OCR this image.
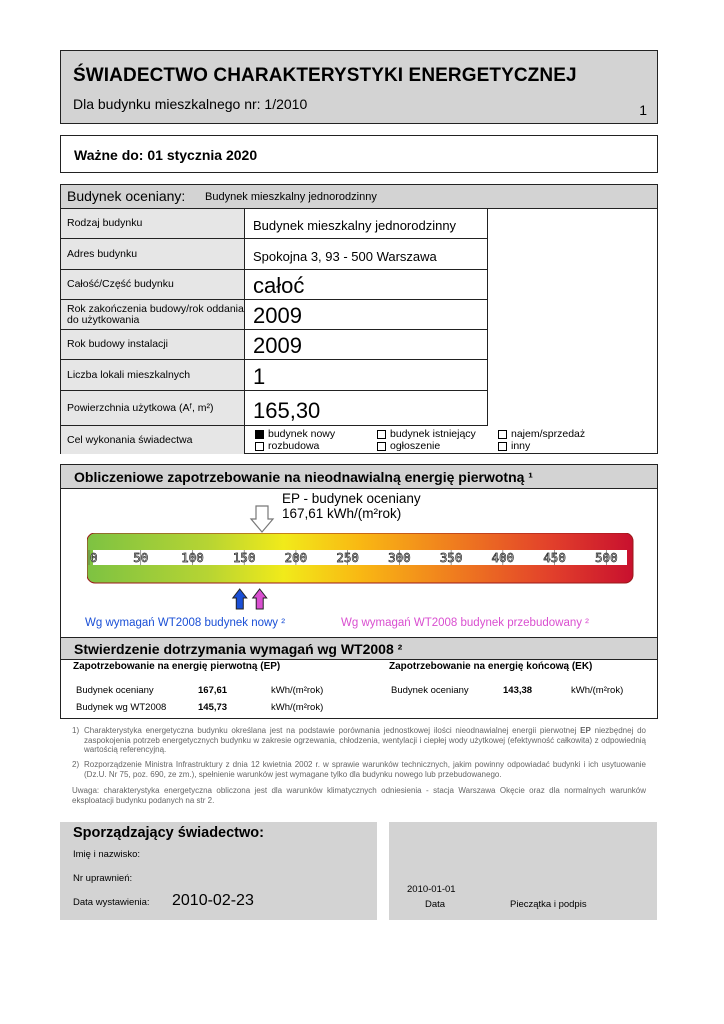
ŚWIADECTWO CHARAKTERYSTYKI ENERGETYCZNEJ
Dla budynku mieszkalnego nr: 1/2010	1
Ważne do: 01 stycznia 2020
Budynek oceniany: Budynek mieszkalny jednorodzinny
Rodzaj budynku	Budynek mieszkalny jednorodzinny
Adres budynku	Spokojna 3, 93 - 500 Warszawa
Całość/Część budynku	całoć
Rok zakończenia budowy/rok oddania do użytkowania	2009
Rok budowy instalacji	2009
Liczba lokali mieszkalnych	1
Powierzchnia użytkowa (Aᶠ, m²)	165,30
Cel wykonania świadectwa	budynek nowy	budynek istniejący	najem/sprzedaż
rozbudowa	ogłoszenie	inny
Obliczeniowe zapotrzebowanie na nieodnawialną energię pierwotną ¹
EP - budynek oceniany
167,61 kWh/(m²rok)
0	50	100 150 200 250 300 350 400 450 500
Wg wymagań WT2008 budynek nowy ²	Wg wymagań WT2008 budynek przebudowany ²
Stwierdzenie dotrzymania wymagań wg WT2008 ²
Zapotrzebowanie na energię pierwotną (EP)	Zapotrzebowanie na energię końcową (EK)
Budynek oceniany	167,61	kWh/(m²rok)
Budynek wg WT2008	145,73	kWh/(m²rok)
Budynek oceniany	143,38	kWh/(m²rok)
1) Charakterystyka energetyczna budynku określana jest na podstawie porównania jednostkowej ilości nieodnawialnej energii pierwotnej EP niezbędnej do zaspokojenia potrzeb energetycznych budynku w zakresie ogrzewania, chłodzenia, wentylacji i ciepłej wody użytkowej (efektywność całkowita) z odpowiednią wartością referencyjną.
2) Rozporządzenie Ministra Infrastruktury z dnia 12 kwietnia 2002 r. w sprawie warunków technicznych, jakim powinny odpowiadać budynki i ich usytuowanie (Dz.U. Nr 75, poz. 690, ze zm.), spełnienie warunków jest wymagane tylko dla budynku nowego lub przebudowanego.
Uwaga: charakterystyka energetyczna obliczona jest dla warunków klimatycznych odniesienia - stacja Warszawa Okęcie oraz dla normalnych warunków eksploatacji budynku podanych na str 2.
Sporządzający świadectwo:
Imię i nazwisko:
Nr uprawnień:
Data wystawienia: 2010-02-23
2010-01-01
Data	Pieczątka i podpis
